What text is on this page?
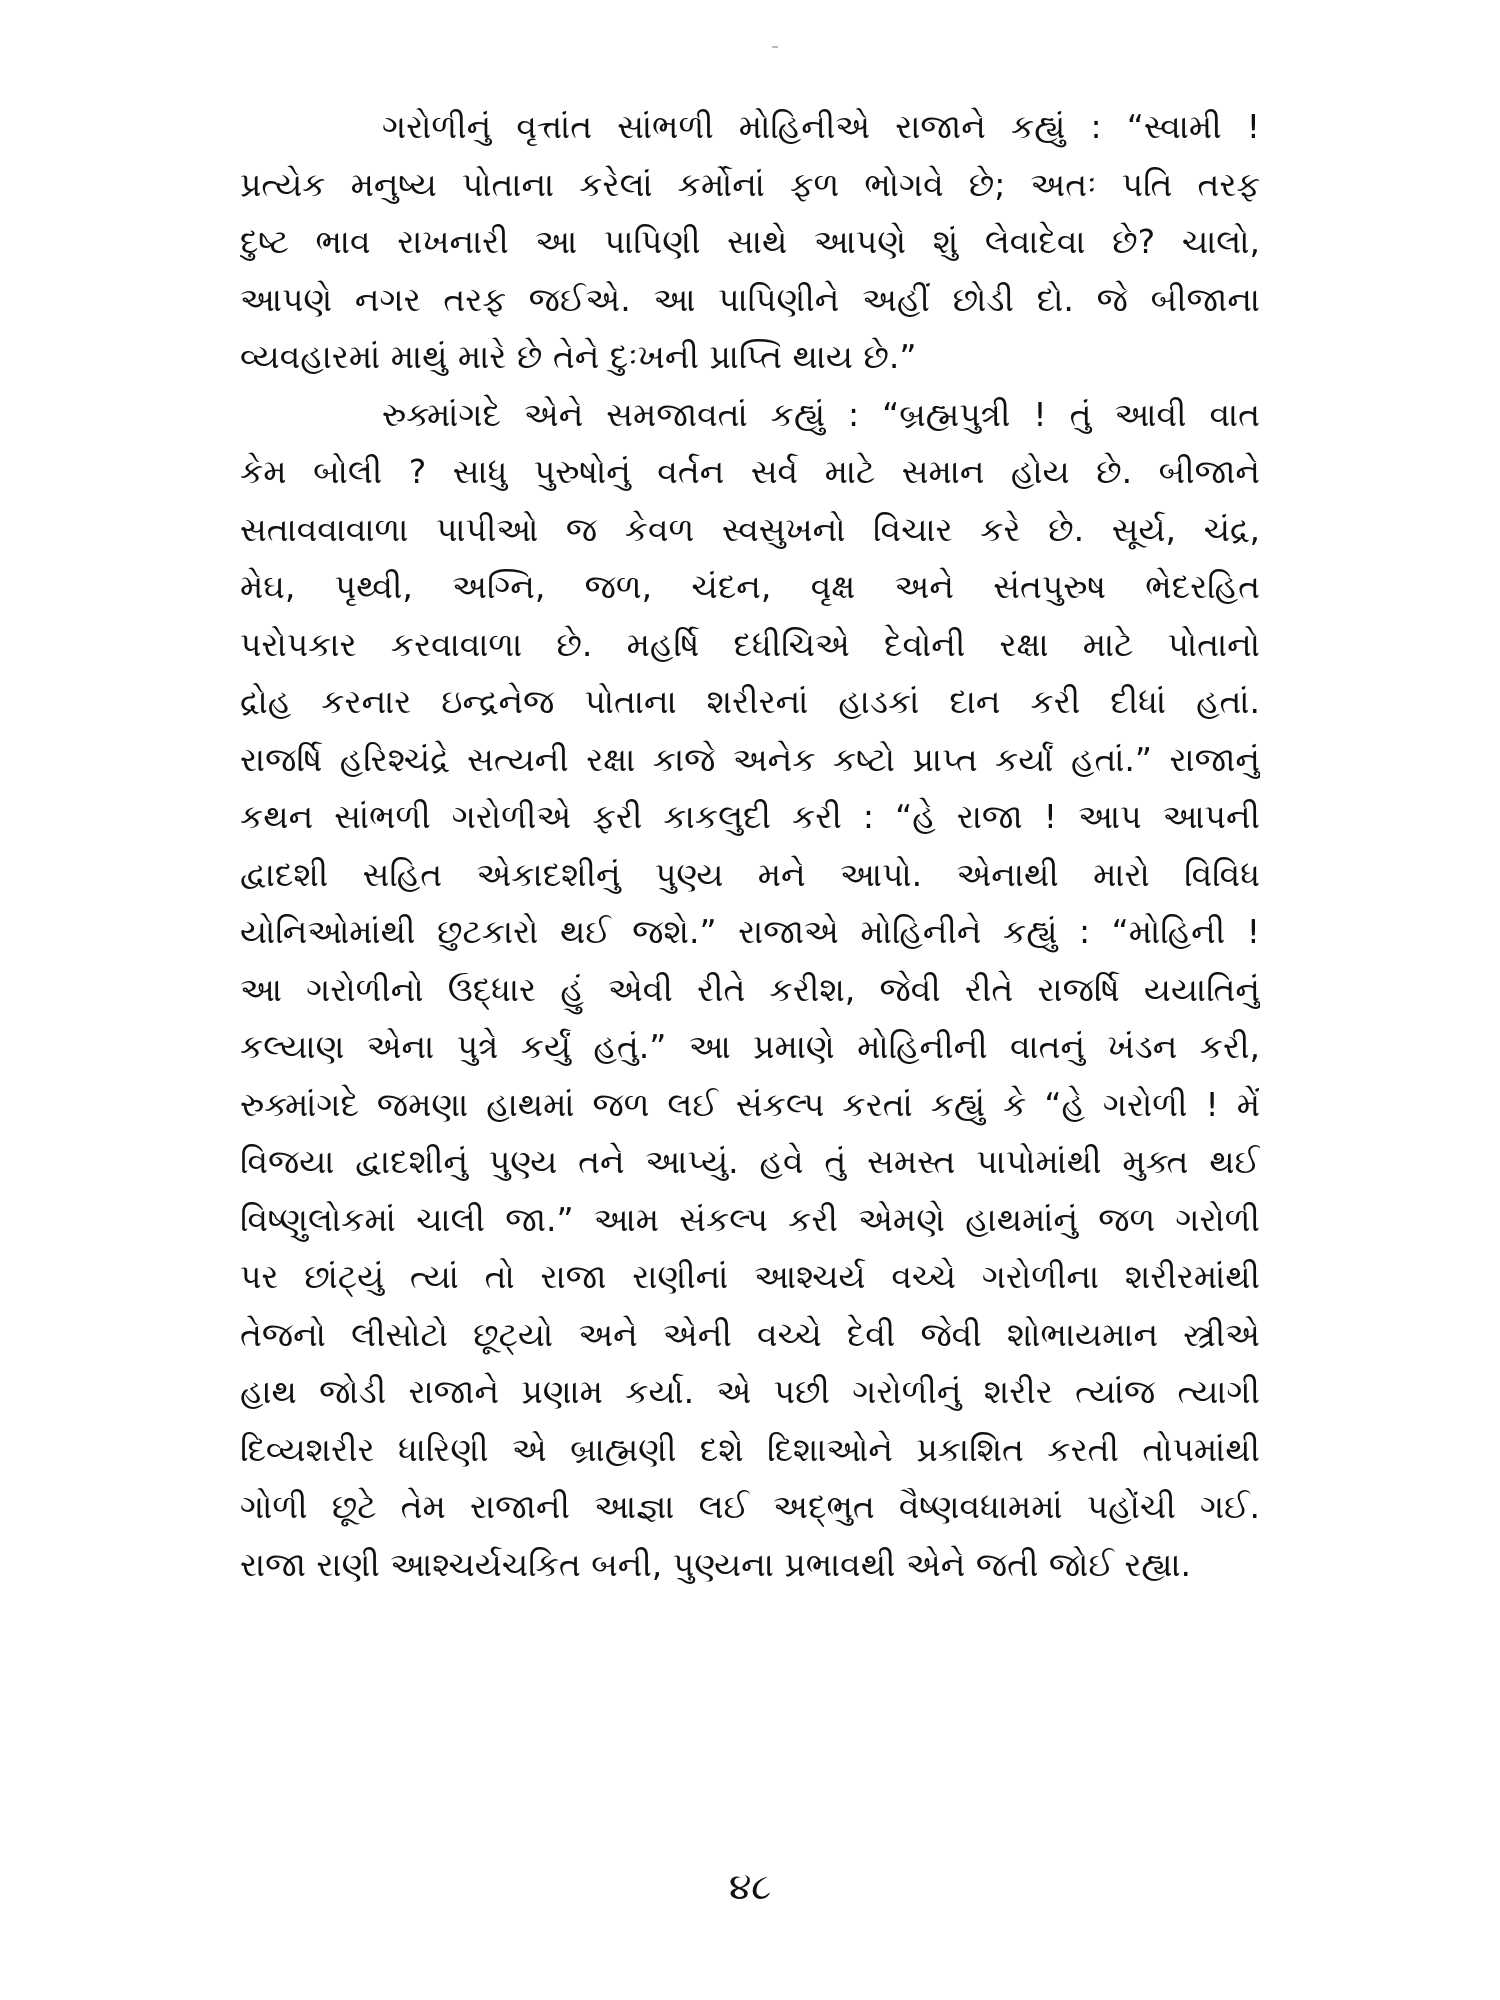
ગરોળીનું વૃત્તાંત સાંભળી મોહિનીએ રાજાને કહ્યું : “સ્વામી !
પ્રત્યેક મનુષ્ય પોતાના કરેલાં કર્મોનાં ફળ ભોગવે છે; અતઃ પતિ તરફ
દુષ્ટ ભાવ રાખનારી આ પાપિણી સાથે આપણે શું લેવાદેવા છે? ચાલો,
આપણે નગર તરફ જઈએ. આ પાપિણીને અહીં છોડી દો. જે બીજાના
વ્યવહારમાં માથું મારે છે તેને દુઃખની પ્રાપ્તિ થાય છે.”
રુક્માંગદે એને સમજાવતાં કહ્યું : “બ્રહ્મપુત્રી ! તું આવી વાત
કેમ બોલી ? સાધુ પુરુષોનું વર્તન સર્વ માટે સમાન હોય છે. બીજાને
સતાવવાવાળા પાપીઓ જ કેવળ સ્વસુખનો વિચાર કરે છે. સૂર્ય, ચંદ્ર,
મેઘ, પૃથ્વી, અગ્નિ, જળ, ચંદન, વૃક્ષ અને સંતપુરુષ ભેદરહિત
પરોપકાર કરવાવાળા છે. મહર્ષિ દધીચિએ દેવોની રક્ષા માટે પોતાનો
દ્રોહ કરનાર ઇન્દ્રનેજ પોતાના શરીરનાં હાડકાં દાન કરી દીધાં હતાં.
રાજર્ષિ હરિશ્ચંદ્રે સત્યની રક્ષા કાજે અનેક કષ્ટો પ્રાપ્ત કર્યાં હતાં.” રાજાનું
કથન સાંભળી ગરોળીએ ફરી કાકલુદી કરી : “હે રાજા ! આપ આપની
દ્વાદશી સહિત એકાદશીનું પુણ્ય મને આપો. એનાથી મારો વિવિધ
યોનિઓમાંથી છુટકારો થઈ જશે.” રાજાએ મોહિનીને કહ્યું : “મોહિની !
આ ગરોળીનો ઉદ્ધાર હું એવી રીતે કરીશ, જેવી રીતે રાજર્ષિ યયાતિનું
કલ્યાણ એના પુત્રે કર્યું હતું.” આ પ્રમાણે મોહિનીની વાતનું ખંડન કરી,
રુક્માંગદે જમણા હાથમાં જળ લઈ સંકલ્પ કરતાં કહ્યું કે “હે ગરોળી ! મેં
વિજયા દ્વાદશીનું પુણ્ય તને આપ્યું. હવે તું સમસ્ત પાપોમાંથી મુક્ત થઈ
વિષ્ણુલોકમાં ચાલી જા.” આમ સંકલ્પ કરી એમણે હાથમાંનું જળ ગરોળી
પર છાંટ્યું ત્યાં તો રાજા રાણીનાં આશ્ચર્ય વચ્ચે ગરોળીના શરીરમાંથી
તેજનો લીસોટો છૂટ્યો અને એની વચ્ચે દેવી જેવી શોભાયમાન સ્ત્રીએ
હાથ જોડી રાજાને પ્રણામ કર્યા. એ પછી ગરોળીનું શરીર ત્યાંજ ત્યાગી
દિવ્યશરીર ધારિણી એ બ્રાહ્મણી દશે દિશાઓને પ્રકાશિત કરતી તોપમાંથી
ગોળી છૂટે તેમ રાજાની આજ્ઞા લઈ અદ્ભુત વૈષ્ણવધામમાં પહોંચી ગઈ.
રાજા રાણી આશ્ચર્યચકિત બની, પુણ્યના પ્રભાવથી એને જતી જોઈ રહ્યા.
૪૮
